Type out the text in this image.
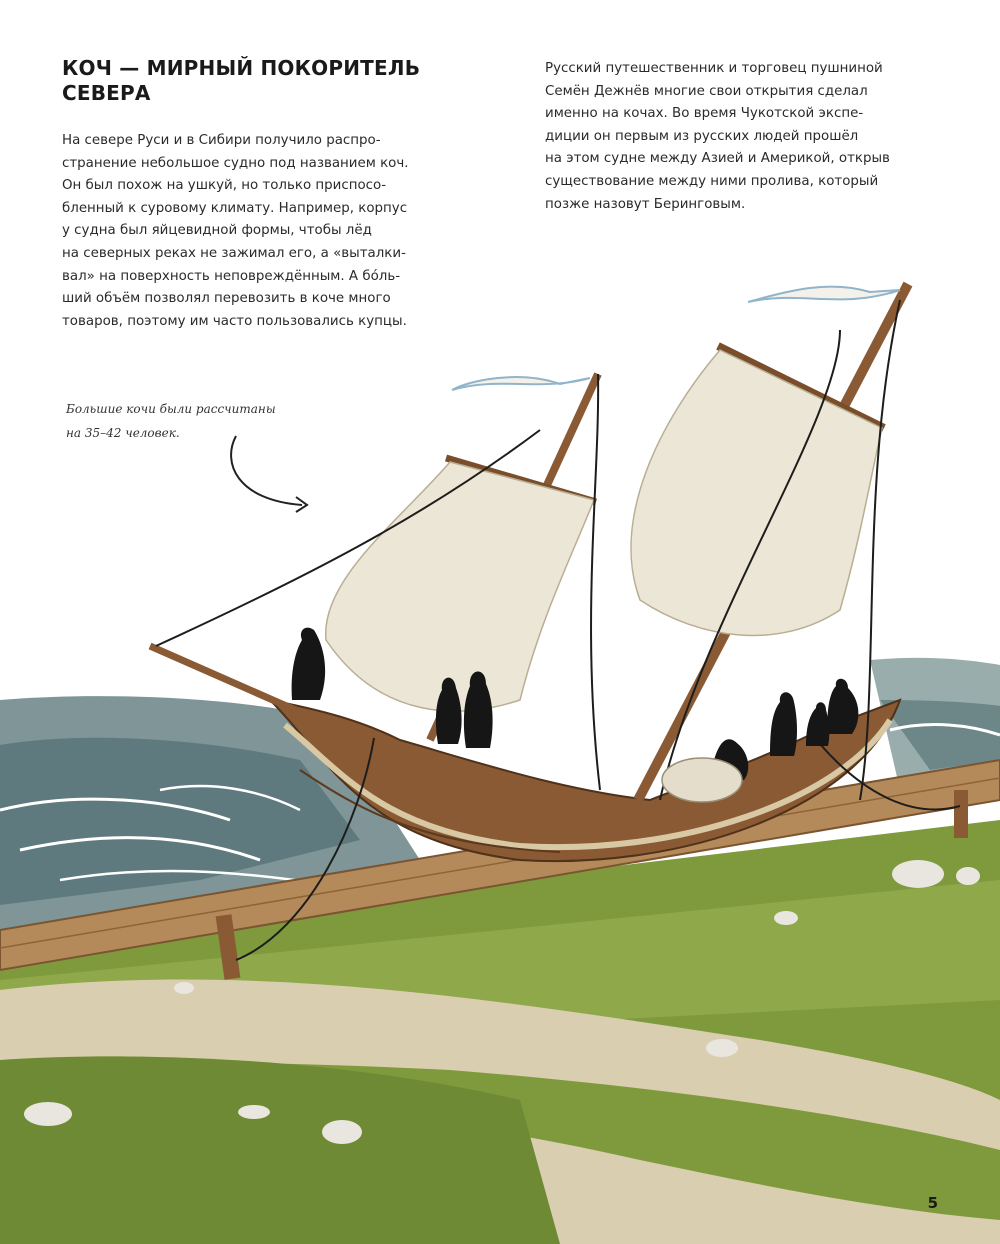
КОЧ — МИРНЫЙ ПОКОРИТЕЛЬ
СЕВЕРА

На севере Руси и в Сибири получило распро-
странение небольшое судно под названием коч.
Он был похож на ушкуй, но только приспосо-
бленный к суровому климату. Например, корпус
у судна был яйцевидной формы, чтобы лёд
на северных реках не зажимал его, а «выталки-
вал» на поверхность неповреждённым. А бо́ль-
ший объём позволял перевозить в коче много
товаров, поэтому им часто пользовались купцы.

Русский путешественник и торговец пушниной
Семён Дежнёв многие свои открытия сделал
именно на кочах. Во время Чукотской экспе-
диции он первым из русских людей прошёл
на этом судне между Азией и Америкой, открыв
существование между ними пролива, который
позже назовут Беринговым.

Большие кочи были рассчитаны
на 35–42 человек.

5
